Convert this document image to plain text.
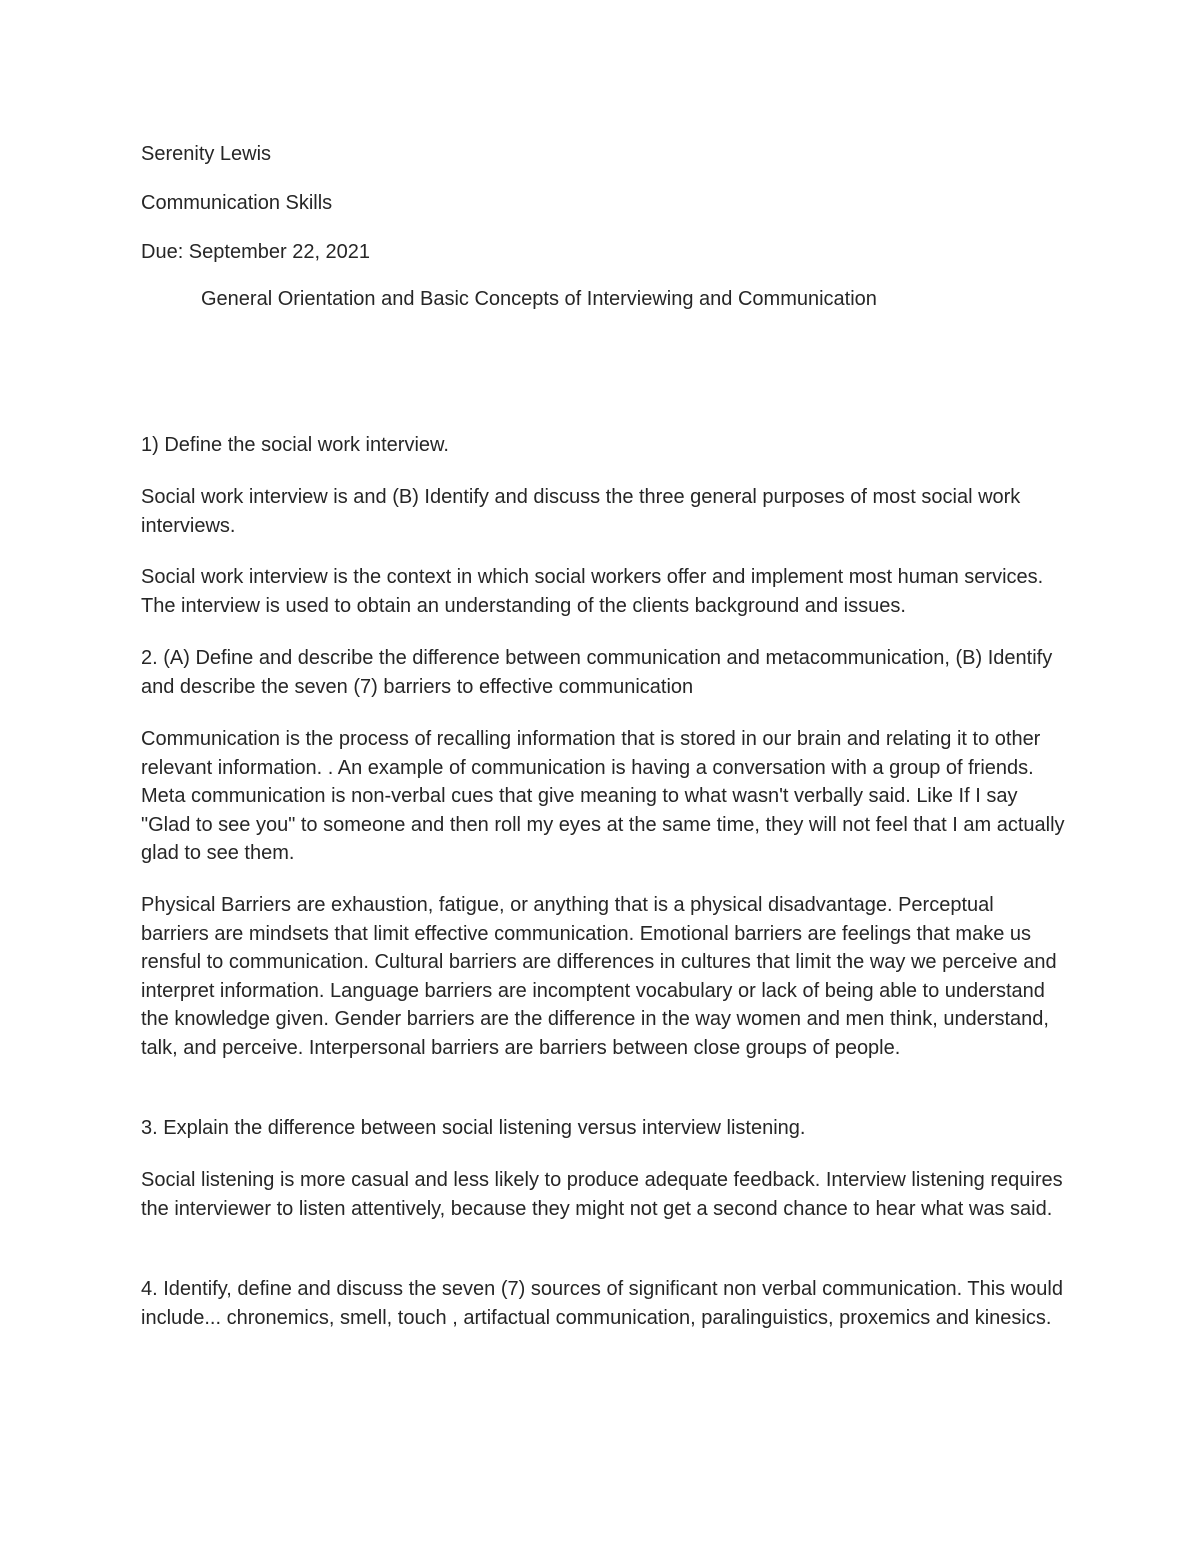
Serenity Lewis

Communication Skills

Due: September 22, 2021

General Orientation and Basic Concepts of Interviewing and Communication

1) Define the social work interview.

Social work interview is and (B) Identify and discuss the three general purposes of most social work interviews.

Social work interview is the context in which social workers offer and implement most human services. The interview is used to obtain an understanding of the clients background and issues.

2. (A) Define and describe the difference between communication and metacommunication, (B) Identify and describe the seven (7) barriers to effective communication

Communication is the process of recalling information that is stored in our brain and relating it to other relevant information. . An example of communication is having a conversation with a group of friends. Meta communication is non-verbal cues that give meaning to what wasn't verbally said. Like If I say "Glad to see you" to someone and then roll my eyes at the same time, they will not feel that I am actually glad to see them.

Physical Barriers are exhaustion, fatigue, or anything that is a physical disadvantage. Perceptual barriers are mindsets that limit effective communication. Emotional barriers are feelings that make us rensful to communication. Cultural barriers are differences in cultures that limit the way we perceive and interpret information. Language barriers are incomptent vocabulary or lack of being able to understand the knowledge given. Gender barriers are the difference in the way women and men think, understand, talk, and perceive. Interpersonal barriers are barriers between close groups of people.

3. Explain the difference between social listening versus interview listening.

Social listening is more casual and less likely to produce adequate feedback. Interview listening requires the interviewer to listen attentively, because they might not get a second chance to hear what was said.

4. Identify, define and discuss the seven (7) sources of significant non verbal communication. This would include... chronemics, smell, touch , artifactual communication, paralinguistics, proxemics and kinesics.
